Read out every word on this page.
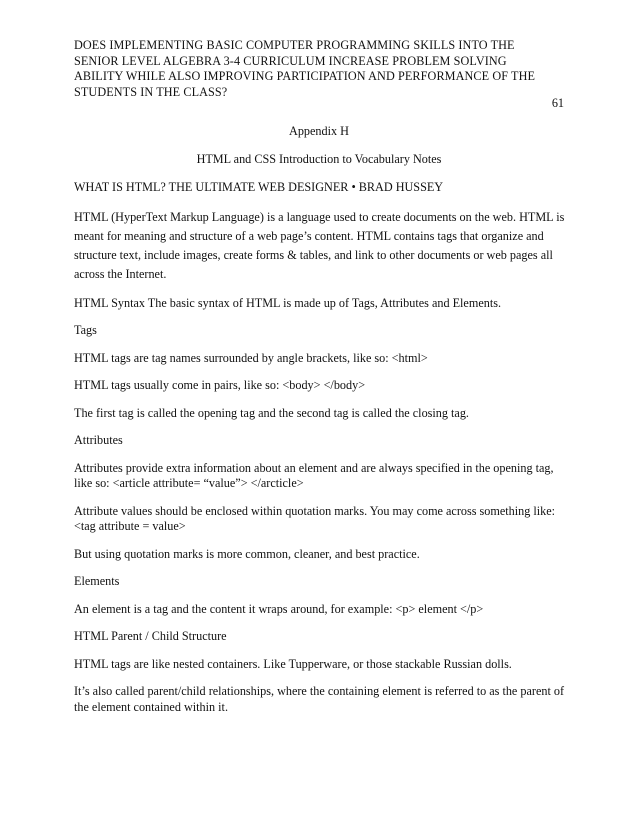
DOES IMPLEMENTING BASIC COMPUTER PROGRAMMING SKILLS INTO THE
SENIOR LEVEL ALGEBRA 3-4 CURRICULUM INCREASE PROBLEM SOLVING
ABILITY WHILE ALSO IMPROVING PARTICIPATION AND PERFORMANCE OF THE
STUDENTS IN THE CLASS?
61
Appendix H
HTML and CSS Introduction to Vocabulary Notes

WHAT IS HTML? THE ULTIMATE WEB DESIGNER • BRAD HUSSEY

HTML (HyperText Markup Language) is a language used to create documents on the web. HTML is meant for meaning and structure of a web page’s content. HTML contains tags that organize and structure text, include images, create forms & tables, and link to other documents or web pages all across the Internet.

HTML Syntax The basic syntax of HTML is made up of Tags, Attributes and Elements.

Tags

HTML tags are tag names surrounded by angle brackets, like so: <html>

HTML tags usually come in pairs, like so: <body> </body>

The first tag is called the opening tag and the second tag is called the closing tag.

Attributes

Attributes provide extra information about an element and are always specified in the opening tag, like so: <article attribute= “value”> </arcticle>

Attribute values should be enclosed within quotation marks. You may come across something like: <tag attribute = value>

But using quotation marks is more common, cleaner, and best practice.

Elements

An element is a tag and the content it wraps around, for example: <p> element </p>

HTML Parent / Child Structure

HTML tags are like nested containers. Like Tupperware, or those stackable Russian dolls.

It’s also called parent/child relationships, where the containing element is referred to as the parent of the element contained within it.
